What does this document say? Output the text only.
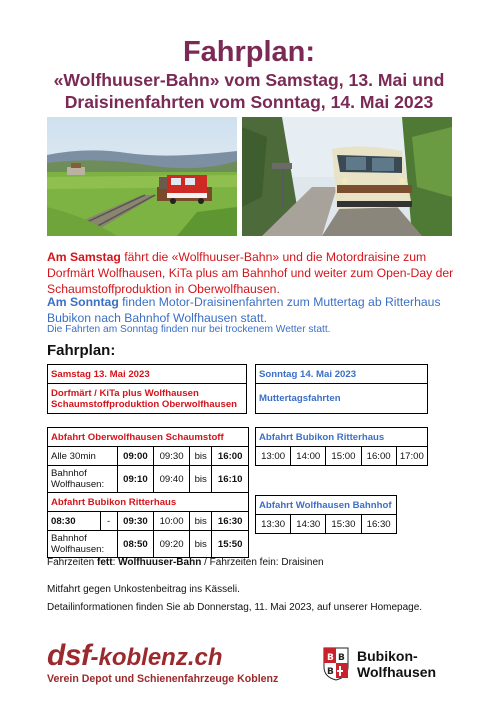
Fahrplan:
«Wolfhuuser-Bahn» vom Samstag, 13. Mai und
Draisinenfahrten vom Sonntag, 14. Mai 2023

Am Samstag fährt die «Wolfhuuser-Bahn» und die Motordraisine zum Dorfmärt Wolfhausen, KiTa plus am Bahnhof und weiter zum Open-Day der Schaumstoffproduktion in Oberwolfhausen.

Am Sonntag finden Motor-Draisinenfahrten zum Muttertag ab Ritterhaus Bubikon nach Bahnhof Wolfhausen statt.

Die Fahrten am Sonntag finden nur bei trockenem Wetter statt.

Fahrplan:
Samstag 13. Mai 2023

Dorfmärt / KiTa plus Wolfhausen
Schaumstoffproduktion Oberwolfhausen
Sonntag 14. Mai 2023
Muttertagsfahrten
Abfahrt Oberwolfhausen Schaumstoff					
Alle 30min		09:00	09:30	bis	16:00

Bahnhof
Wolfhausen:		09:10	09:40	bis	16:10
Abfahrt Bubikon Ritterhaus					
08:30	-	09:30	10:00	bis	16:30

Bahnhof
Wolfhausen:		08:50	09:20	bis	15:50
Abfahrt Bubikon Ritterhaus				
13:00	14:00	15:00	16:00	17:00

Abfahrt Wolfhausen Bahnhof				
13:30	14:30	15:30	16:30	

Fahrzeiten fett: Wolfhuuser-Bahn / Fahrzeiten fein: Draisinen

Mitfahrt gegen Unkostenbeitrag ins Kässeli.

Detailinformationen finden Sie ab Donnerstag, 11. Mai 2023, auf unserer Homepage.

dsf-koblenz.ch
Verein Depot und Schienenfahrzeuge Koblenz
B B
B
Bubikon-
Wolfhausen
